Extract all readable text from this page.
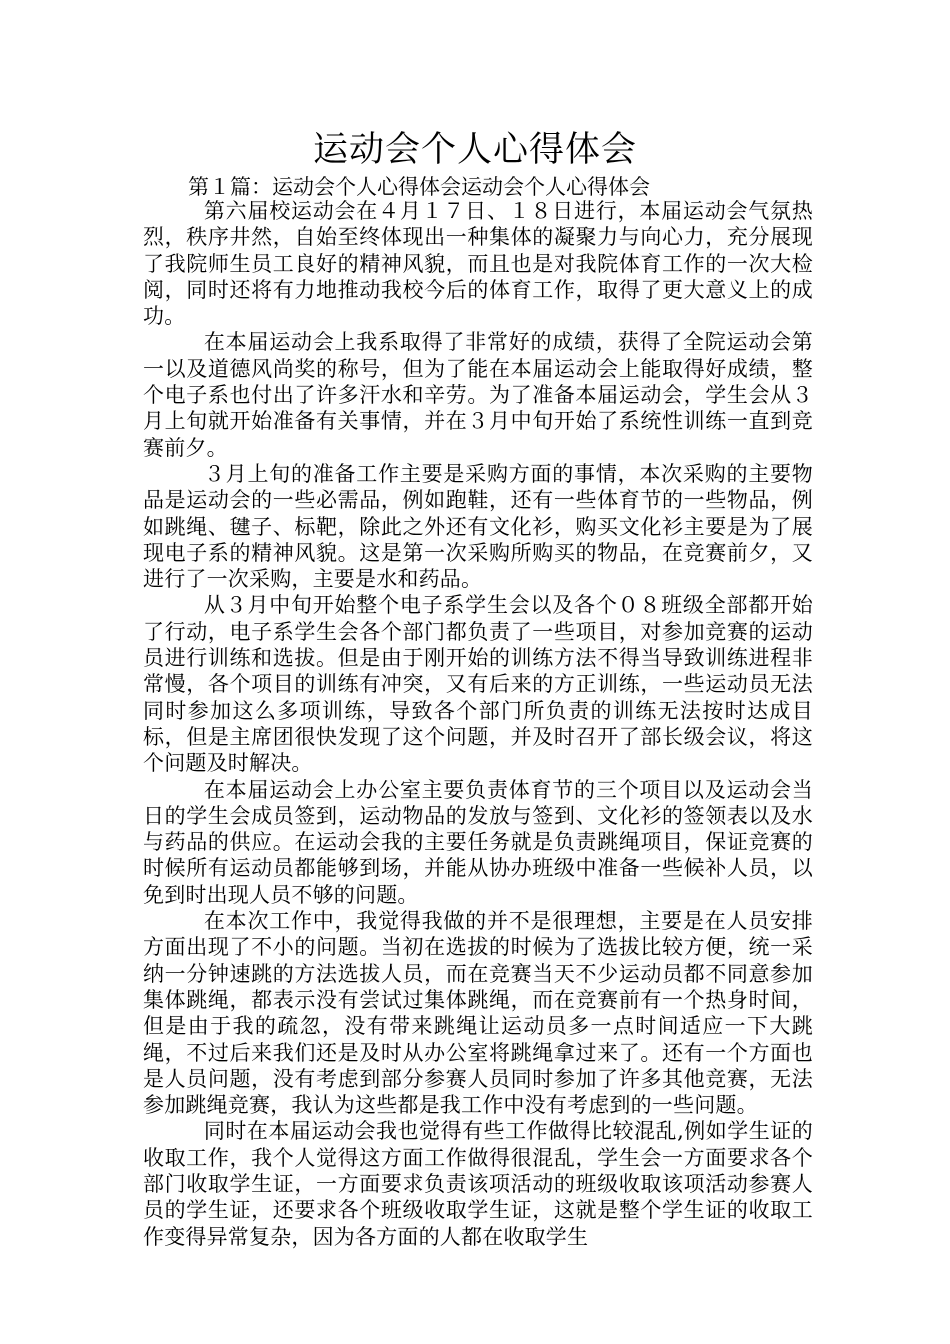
运动会个人心得体会
第１篇：运动会个人心得体会运动会个人心得体会

第六届校运动会在４月１７日、１８日进行，本届运动会气氛热烈，秩序井然，自始至终体现出一种集体的凝聚力与向心力，充分展现了我院师生员工良好的精神风貌，而且也是对我院体育工作的一次大检阅，同时还将有力地推动我校今后的体育工作，取得了更大意义上的成功。

在本届运动会上我系取得了非常好的成绩，获得了全院运动会第一以及道德风尚奖的称号，但为了能在本届运动会上能取得好成绩，整个电子系也付出了许多汗水和辛劳。为了准备本届运动会，学生会从３月上旬就开始准备有关事情，并在３月中旬开始了系统性训练一直到竞赛前夕。

３月上旬的准备工作主要是采购方面的事情，本次采购的主要物品是运动会的一些必需品，例如跑鞋，还有一些体育节的一些物品，例如跳绳、毽子、标靶，除此之外还有文化衫，购买文化衫主要是为了展现电子系的精神风貌。这是第一次采购所购买的物品，在竞赛前夕，又进行了一次采购，主要是水和药品。

从３月中旬开始整个电子系学生会以及各个０８班级全部都开始了行动，电子系学生会各个部门都负责了一些项目，对参加竞赛的运动员进行训练和选拔。但是由于刚开始的训练方法不得当导致训练进程非常慢，各个项目的训练有冲突，又有后来的方正训练，一些运动员无法同时参加这么多项训练，导致各个部门所负责的训练无法按时达成目标，但是主席团很快发现了这个问题，并及时召开了部长级会议，将这个问题及时解决。

在本届运动会上办公室主要负责体育节的三个项目以及运动会当日的学生会成员签到，运动物品的发放与签到、文化衫的签领表以及水与药品的供应。在运动会我的主要任务就是负责跳绳项目，保证竞赛的时候所有运动员都能够到场，并能从协办班级中准备一些候补人员，以免到时出现人员不够的问题。

在本次工作中，我觉得我做的并不是很理想，主要是在人员安排方面出现了不小的问题。当初在选拔的时候为了选拔比较方便，统一采纳一分钟速跳的方法选拔人员，而在竞赛当天不少运动员都不同意参加集体跳绳，都表示没有尝试过集体跳绳，而在竞赛前有一个热身时间，但是由于我的疏忽，没有带来跳绳让运动员多一点时间适应一下大跳绳，不过后来我们还是及时从办公室将跳绳拿过来了。还有一个方面也是人员问题，没有考虑到部分参赛人员同时参加了许多其他竞赛，无法参加跳绳竞赛，我认为这些都是我工作中没有考虑到的一些问题。

同时在本届运动会我也觉得有些工作做得比较混乱,例如学生证的收取工作，我个人觉得这方面工作做得很混乱，学生会一方面要求各个部门收取学生证，一方面要求负责该项活动的班级收取该项活动参赛人员的学生证，还要求各个班级收取学生证，这就是整个学生证的收取工作变得异常复杂，因为各方面的人都在收取学生
